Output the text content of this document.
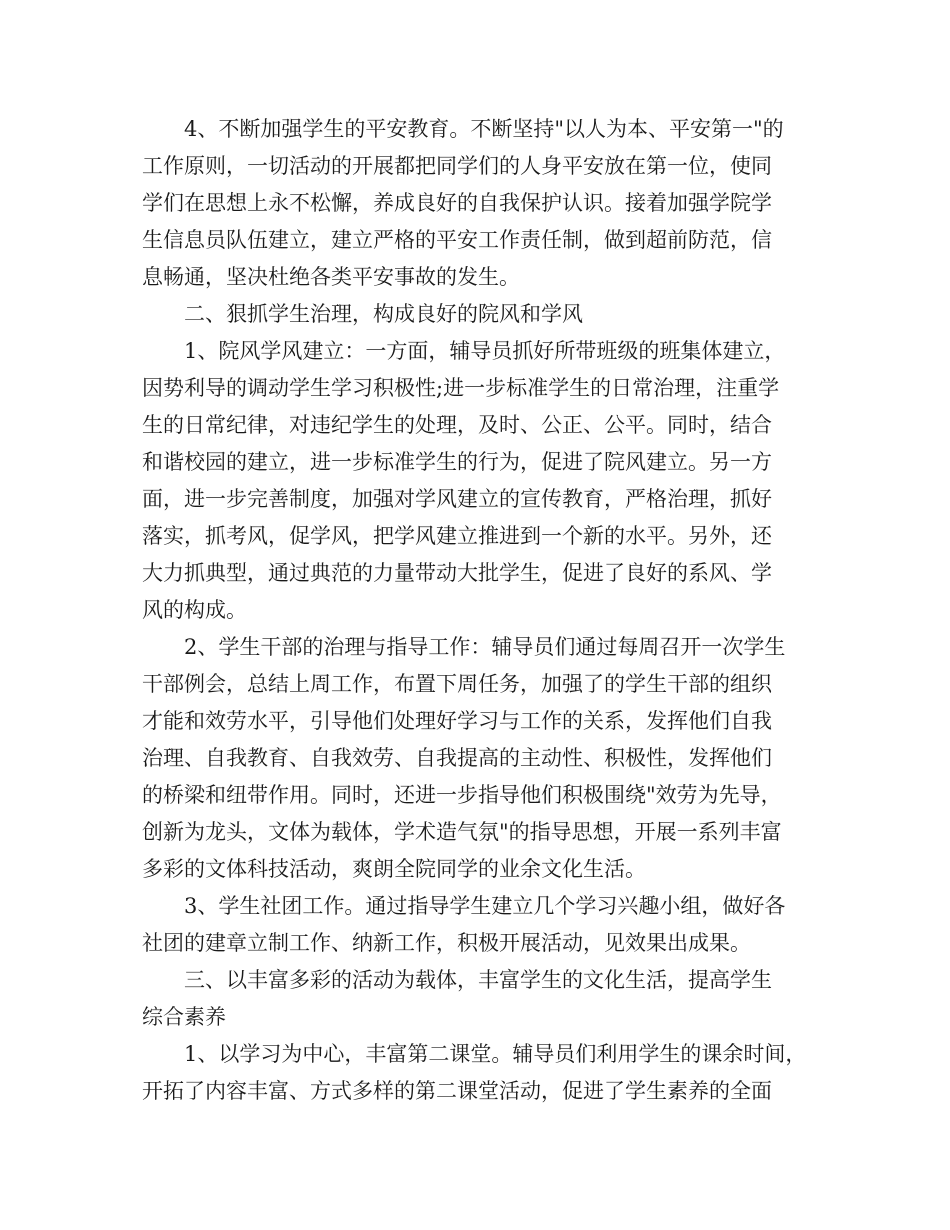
4、不断加强学生的平安教育。不断坚持"以人为本、平安第一"的
工作原则，一切活动的开展都把同学们的人身平安放在第一位，使同
学们在思想上永不松懈，养成良好的自我保护认识。接着加强学院学
生信息员队伍建立，建立严格的平安工作责任制，做到超前防范，信
息畅通，坚决杜绝各类平安事故的发生。
二、狠抓学生治理，构成良好的院风和学风
1、院风学风建立：一方面，辅导员抓好所带班级的班集体建立，
因势利导的调动学生学习积极性;进一步标准学生的日常治理，注重学
生的日常纪律，对违纪学生的处理，及时、公正、公平。同时，结合
和谐校园的建立，进一步标准学生的行为，促进了院风建立。另一方
面，进一步完善制度，加强对学风建立的宣传教育，严格治理，抓好
落实，抓考风，促学风，把学风建立推进到一个新的水平。另外，还
大力抓典型，通过典范的力量带动大批学生，促进了良好的系风、学
风的构成。
2、学生干部的治理与指导工作：辅导员们通过每周召开一次学生
干部例会，总结上周工作，布置下周任务，加强了的学生干部的组织
才能和效劳水平，引导他们处理好学习与工作的关系，发挥他们自我
治理、自我教育、自我效劳、自我提高的主动性、积极性，发挥他们
的桥梁和纽带作用。同时，还进一步指导他们积极围绕"效劳为先导，
创新为龙头，文体为载体，学术造气氛"的指导思想，开展一系列丰富
多彩的文体科技活动，爽朗全院同学的业余文化生活。
3、学生社团工作。通过指导学生建立几个学习兴趣小组，做好各
社团的建章立制工作、纳新工作，积极开展活动，见效果出成果。
三、以丰富多彩的活动为载体，丰富学生的文化生活，提高学生
综合素养
1、以学习为中心，丰富第二课堂。辅导员们利用学生的课余时间，
开拓了内容丰富、方式多样的第二课堂活动，促进了学生素养的全面
